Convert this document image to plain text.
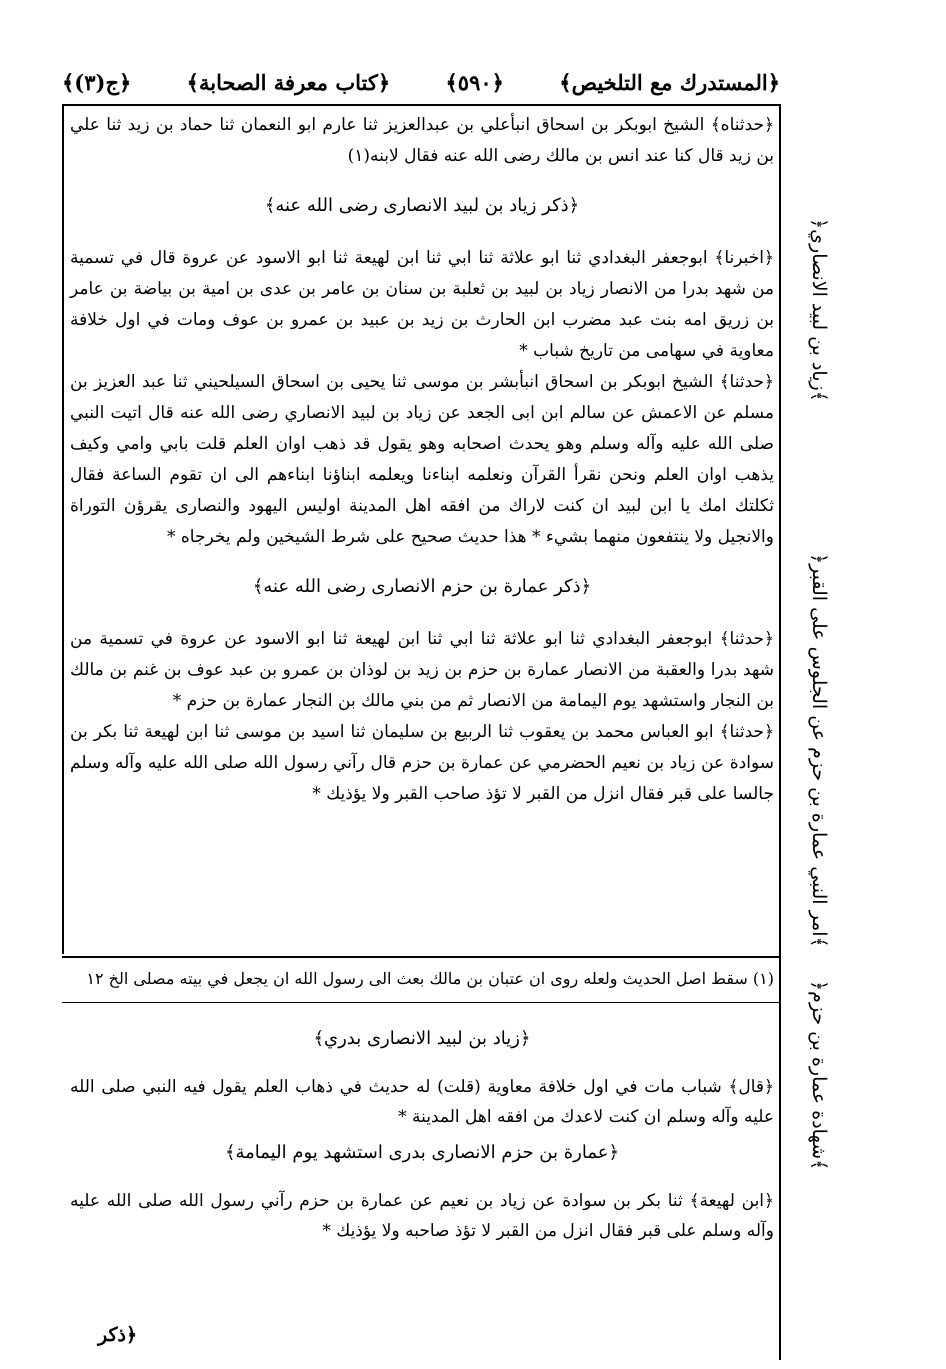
﴿المستدرك مع التلخيص﴾
﴿٥٩٠﴾
﴿كتاب معرفة الصحابة﴾
﴿ج(٣)﴾

﴿حدثناه﴾ الشيخ ابوبكر بن اسحاق انبأعلي بن عبدالعزيز ثنا عارم ابو النعمان ثنا حماد بن زيد ثنا علي بن زيد قال كنا عند انس بن مالك رضى الله عنه فقال لابنه(١)

﴿ذكر زياد بن لبيد الانصاری رضی الله عنه﴾

﴿اخبرنا﴾ ابوجعفر البغدادي ثنا ابو علاثة ثنا ابي ثنا ابن لهيعة ثنا ابو الاسود عن عروة قال في تسمية من شهد بدرا من الانصار زياد بن لبيد بن ثعلبة بن سنان بن عامر بن عدی بن امية بن بياضة بن عامر بن زريق امه بنت عبد مضرب ابن الحارث بن زيد بن عبيد بن عمرو بن عوف ومات في اول خلافة معاوية في سهامی من تاريخ شباب *

﴿حدثنا﴾ الشيخ ابوبكر بن اسحاق انبأبشر بن موسى ثنا يحيى بن اسحاق السيلحيني ثنا عبد العزيز بن مسلم عن الاعمش عن سالم ابن ابى الجعد عن زياد بن لبيد الانصاري رضى الله عنه قال اتيت النبي صلى الله عليه وآله وسلم وهو يحدث اصحابه وهو يقول قد ذهب اوان العلم قلت بابي وامي وكيف يذهب اوان العلم ونحن نقرأ القرآن ونعلمه ابناءنا ويعلمه ابناؤنا ابناءهم الى ان تقوم الساعة فقال ثكلتك امك يا ابن لبيد ان كنت لاراك من افقه اهل المدينة اوليس اليهود والنصارى يقرؤن التوراة والانجيل ولا ينتفعون منهما بشيء * هذا حديث صحيح على شرط الشيخين ولم يخرجاه *

﴿ذكر عمارة بن حزم الانصاری رضی الله عنه﴾

﴿حدثنا﴾ ابوجعفر البغدادي ثنا ابو علاثة ثنا ابي ثنا ابن لهيعة ثنا ابو الاسود عن عروة في تسمية من شهد بدرا والعقبة من الانصار عمارة بن حزم بن زيد بن لوذان بن عمرو بن عبد عوف بن غنم بن مالك بن النجار واستشهد يوم اليمامة من الانصار ثم من بني مالك بن النجار عمارة بن حزم *

﴿حدثنا﴾ ابو العباس محمد بن يعقوب ثنا الربيع بن سليمان ثنا اسيد بن موسى ثنا ابن لهيعة ثنا بكر بن سوادة عن زياد بن نعيم الحضرمي عن عمارة بن حزم قال رآني رسول الله صلى الله عليه وآله وسلم جالسا على قبر فقال انزل من القبر لا تؤذ صاحب القبر ولا يؤذيك *

(١) سقط اصل الحديث ولعله روى ان عتبان بن مالك بعث الى رسول الله ان يجعل في بيته مصلى الخ ١٢

﴿زياد بن لبيد الانصاری بدري﴾

﴿قال﴾ شباب مات في اول خلافة معاوية (قلت) له حديث في ذهاب العلم يقول فيه النبي صلى الله عليه وآله وسلم ان كنت لاعدك من افقه اهل المدينة *

﴿عمارة بن حزم الانصاری بدری استشهد يوم اليمامة﴾

﴿ابن لهيعة﴾ ثنا بكر بن سوادة عن زياد بن نعيم عن عمارة بن حزم رآني رسول الله صلى الله عليه وآله وسلم على قبر فقال انزل من القبر لا تؤذ صاحبه ولا يؤذيك *

﴿زياد بن لبيد الانصاري﴾
﴿امر النبي عمارة بن حزم عن الجلوس على القبر﴾
﴿شهادة عمارة بن حزم﴾
﴿ذكر
